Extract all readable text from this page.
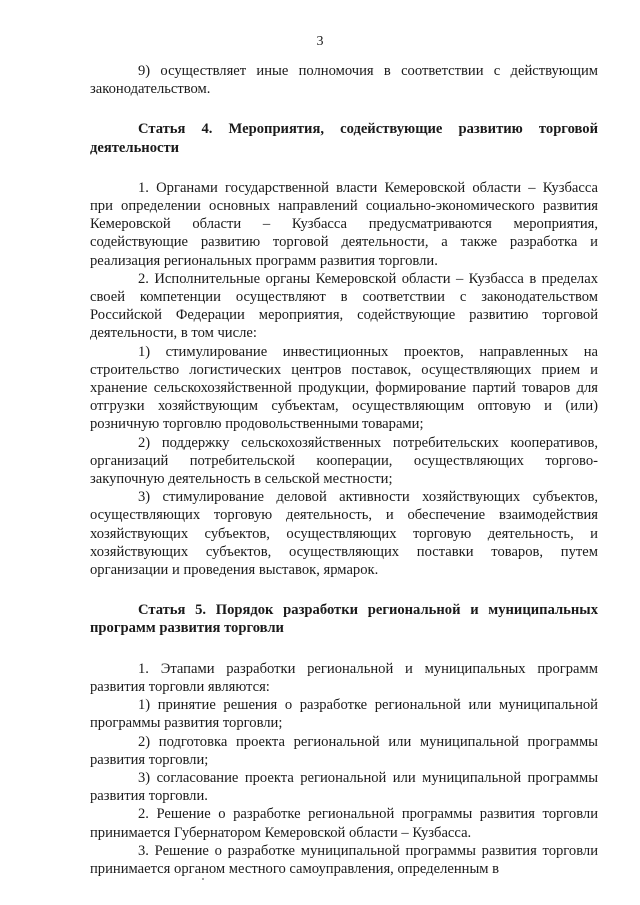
3

9) осуществляет иные полномочия в соответствии с действующим законодательством.

Статья 4. Мероприятия, содействующие развитию торговой деятельности

1. Органами государственной власти Кемеровской области – Кузбасса при определении основных направлений социально-экономического развития Кемеровской области – Кузбасса предусматриваются мероприятия, содействующие развитию торговой деятельности, а также разработка и реализация региональных программ развития торговли.

2. Исполнительные органы Кемеровской области – Кузбасса в пределах своей компетенции осуществляют в соответствии с законодательством Российской Федерации мероприятия, содействующие развитию торговой деятельности, в том числе:

1) стимулирование инвестиционных проектов, направленных на строительство логистических центров поставок, осуществляющих прием и хранение сельскохозяйственной продукции, формирование партий товаров для отгрузки хозяйствующим субъектам, осуществляющим оптовую и (или) розничную торговлю продовольственными товарами;

2) поддержку сельскохозяйственных потребительских кооперативов, организаций потребительской кооперации, осуществляющих торгово-закупочную деятельность в сельской местности;

3) стимулирование деловой активности хозяйствующих субъектов, осуществляющих торговую деятельность, и обеспечение взаимодействия хозяйствующих субъектов, осуществляющих торговую деятельность, и хозяйствующих субъектов, осуществляющих поставки товаров, путем организации и проведения выставок, ярмарок.

Статья 5. Порядок разработки региональной и муниципальных программ развития торговли

1. Этапами разработки региональной и муниципальных программ развития торговли являются:

1) принятие решения о разработке региональной или муниципальной программы развития торговли;

2) подготовка проекта региональной или муниципальной программы развития торговли;

3) согласование проекта региональной или муниципальной программы развития торговли.

2. Решение о разработке региональной программы развития торговли принимается Губернатором Кемеровской области – Кузбасса.

3. Решение о разработке муниципальной программы развития торговли принимается органом местного самоуправления, определенным в
